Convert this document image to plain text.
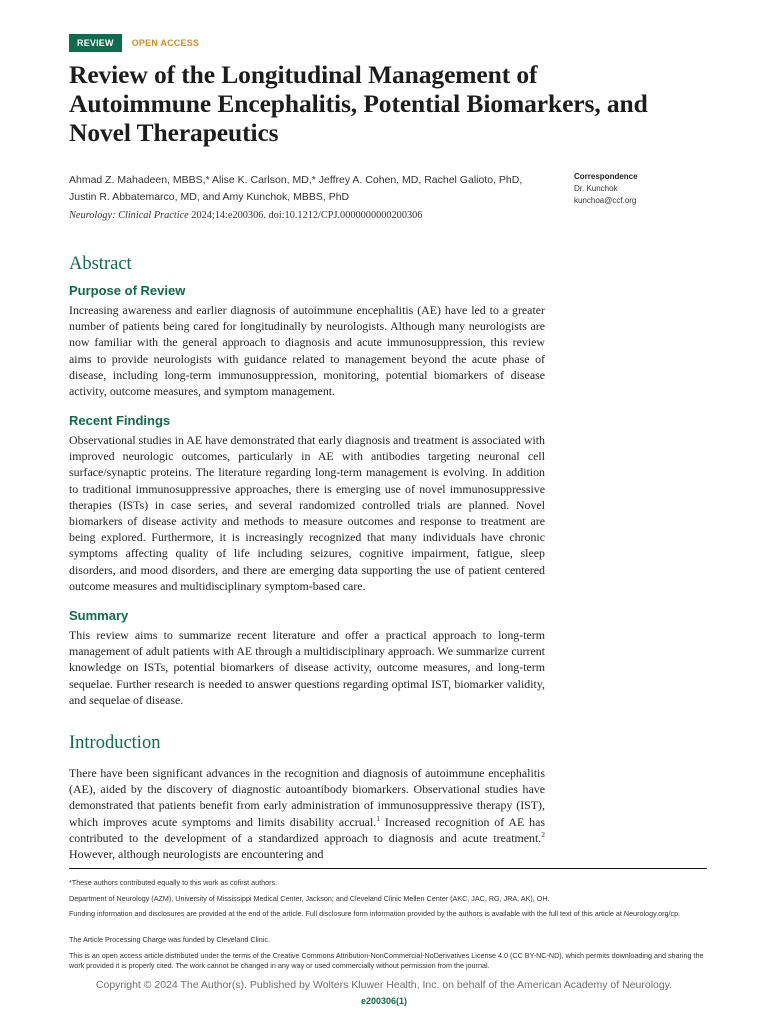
REVIEW	OPEN ACCESS
Review of the Longitudinal Management of Autoimmune Encephalitis, Potential Biomarkers, and Novel Therapeutics
Ahmad Z. Mahadeen, MBBS,* Alise K. Carlson, MD,* Jeffrey A. Cohen, MD, Rachel Galioto, PhD,
Justin R. Abbatemarco, MD, and Amy Kunchok, MBBS, PhD
Neurology: Clinical Practice 2024;14:e200306. doi:10.1212/CPJ.0000000000200306
Correspondence
Dr. Kunchok
kunchoa@ccf.org
Abstract
Purpose of Review

Increasing awareness and earlier diagnosis of autoimmune encephalitis (AE) have led to a greater number of patients being cared for longitudinally by neurologists. Although many neurologists are now familiar with the general approach to diagnosis and acute immunosuppression, this review aims to provide neurologists with guidance related to management beyond the acute phase of disease, including long-term immunosuppression, monitoring, potential biomarkers of disease activity, outcome measures, and symptom management.

Recent Findings

Observational studies in AE have demonstrated that early diagnosis and treatment is associated with improved neurologic outcomes, particularly in AE with antibodies targeting neuronal cell surface/synaptic proteins. The literature regarding long-term management is evolving. In addition to traditional immunosuppressive approaches, there is emerging use of novel immunosuppressive therapies (ISTs) in case series, and several randomized controlled trials are planned. Novel biomarkers of disease activity and methods to measure outcomes and response to treatment are being explored. Furthermore, it is increasingly recognized that many individuals have chronic symptoms affecting quality of life including seizures, cognitive impairment, fatigue, sleep disorders, and mood disorders, and there are emerging data supporting the use of patient centered outcome measures and multidisciplinary symptom-based care.

Summary

This review aims to summarize recent literature and offer a practical approach to long-term management of adult patients with AE through a multidisciplinary approach. We summarize current knowledge on ISTs, potential biomarkers of disease activity, outcome measures, and long-term sequelae. Further research is needed to answer questions regarding optimal IST, biomarker validity, and sequelae of disease.

Introduction

There have been significant advances in the recognition and diagnosis of autoimmune encephalitis (AE), aided by the discovery of diagnostic autoantibody biomarkers. Observational studies have demonstrated that patients benefit from early administration of immunosuppressive therapy (IST), which improves acute symptoms and limits disability accrual.$^1$ Increased recognition of AE has contributed to the development of a standardized approach to diagnosis and acute treatment.$^2$ However, although neurologists are encountering and

*These authors contributed equally to this work as cofirst authors.

Department of Neurology (AZM), University of Mississippi Medical Center, Jackson; and Cleveland Clinic Mellen Center (AKC, JAC, RG, JRA, AK), OH.

Funding information and disclosures are provided at the end of the article. Full disclosure form information provided by the authors is available with the full text of this article at Neurology.org/cp.

The Article Processing Charge was funded by Cleveland Clinic.

This is an open access article distributed under the terms of the Creative Commons Attribution-NonCommercial-NoDerivatives License 4.0 (CC BY-NC-ND), which permits downloading and sharing the work provided it is properly cited. The work cannot be changed in any way or used commercially without permission from the journal.

Copyright © 2024 The Author(s). Published by Wolters Kluwer Health, Inc. on behalf of the American Academy of Neurology.
e200306(1)
